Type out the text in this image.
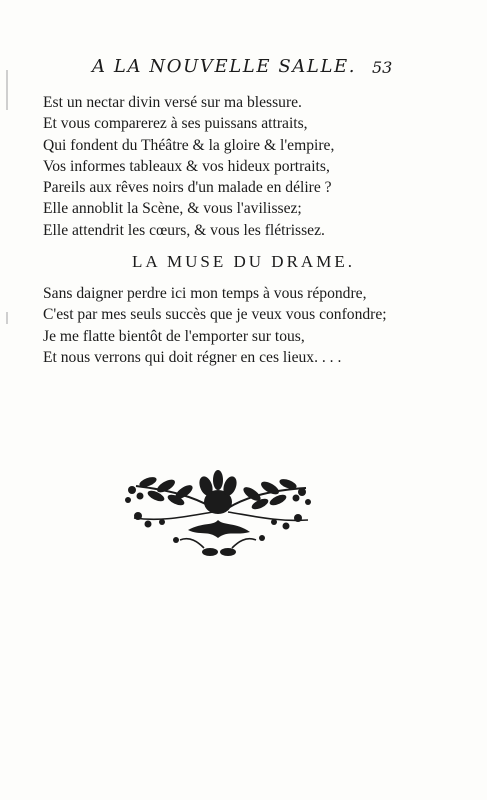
A LA NOUVELLE SALLE. 53
Est un nectar divin versé sur ma blessure.
Et vous comparerez à ses puissans attraits,
Qui fondent du Théâtre & la gloire & l'empire,
Vos informes tableaux & vos hideux portraits,
Pareils aux rêves noirs d'un malade en délire ?
Elle annoblit la Scène, & vous l'avilissez;
Elle attendrit les cœurs, & vous les flétrissez.
LA MUSE DU DRAME.
Sans daigner perdre ici mon temps à vous répondre,
C'est par mes seuls succès que je veux vous confondre;
Je me flatte bientôt de l'emporter sur tous,
Et nous verrons qui doit régner en ces lieux. . . .
